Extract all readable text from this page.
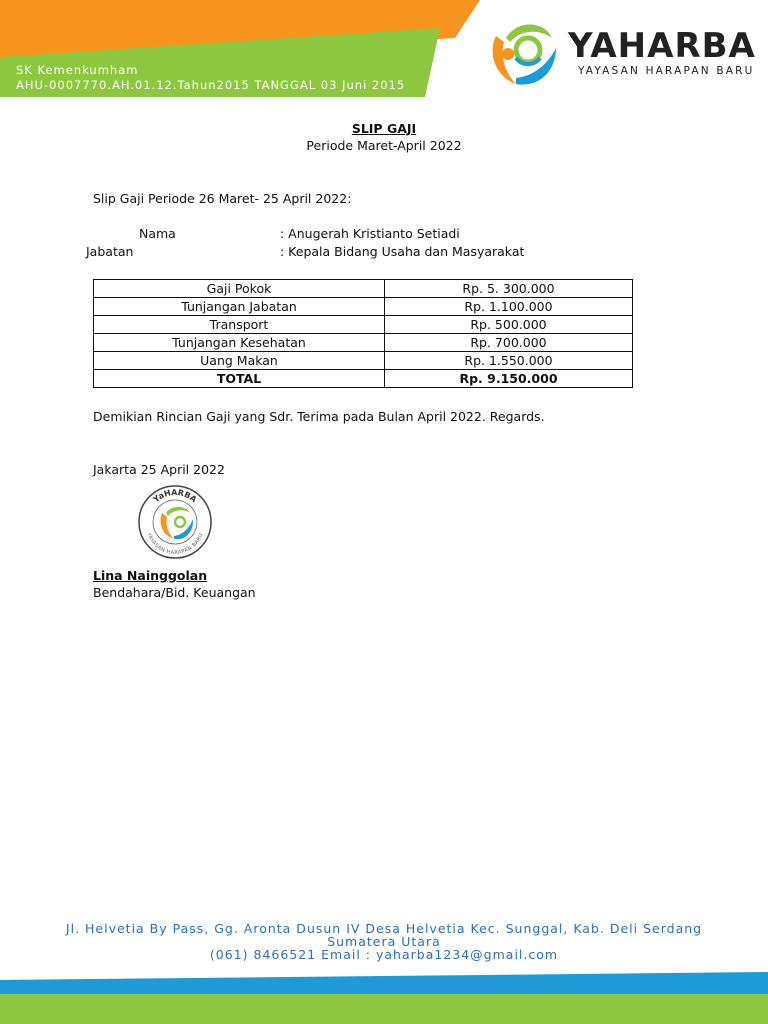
SK Kemenkumham
AHU-0007770.AH.01.12.Tahun2015 TANGGAL 03 Juni 2015
YAHARBA
YAYASAN HARAPAN BARU
SLIP GAJI
Periode Maret-April 2022
Slip Gaji Periode 26 Maret- 25 April 2022:
Nama	: Anugerah Kristianto Setiadi
Jabatan	: Kepala Bidang Usaha dan Masyarakat
Gaji Pokok	Rp. 5. 300.000
Tunjangan Jabatan	Rp. 1.100.000
Transport	Rp. 500.000
Tunjangan Kesehatan	Rp. 700.000
Uang Makan	Rp. 1.550.000
TOTAL	Rp. 9.150.000
Demikian Rincian Gaji yang Sdr. Terima pada Bulan April 2022. Regards.
Jakarta 25 April 2022
YaHARBA
YAYASAN HARAPAN BARU
Lina Nainggolan
Bendahara/Bid. Keuangan
Jl. Helvetia By Pass, Gg. Aronta Dusun IV Desa Helvetia Kec. Sunggal, Kab. Deli Serdang
Sumatera Utara
(061) 8466521 Email : yaharba1234@gmail.com
